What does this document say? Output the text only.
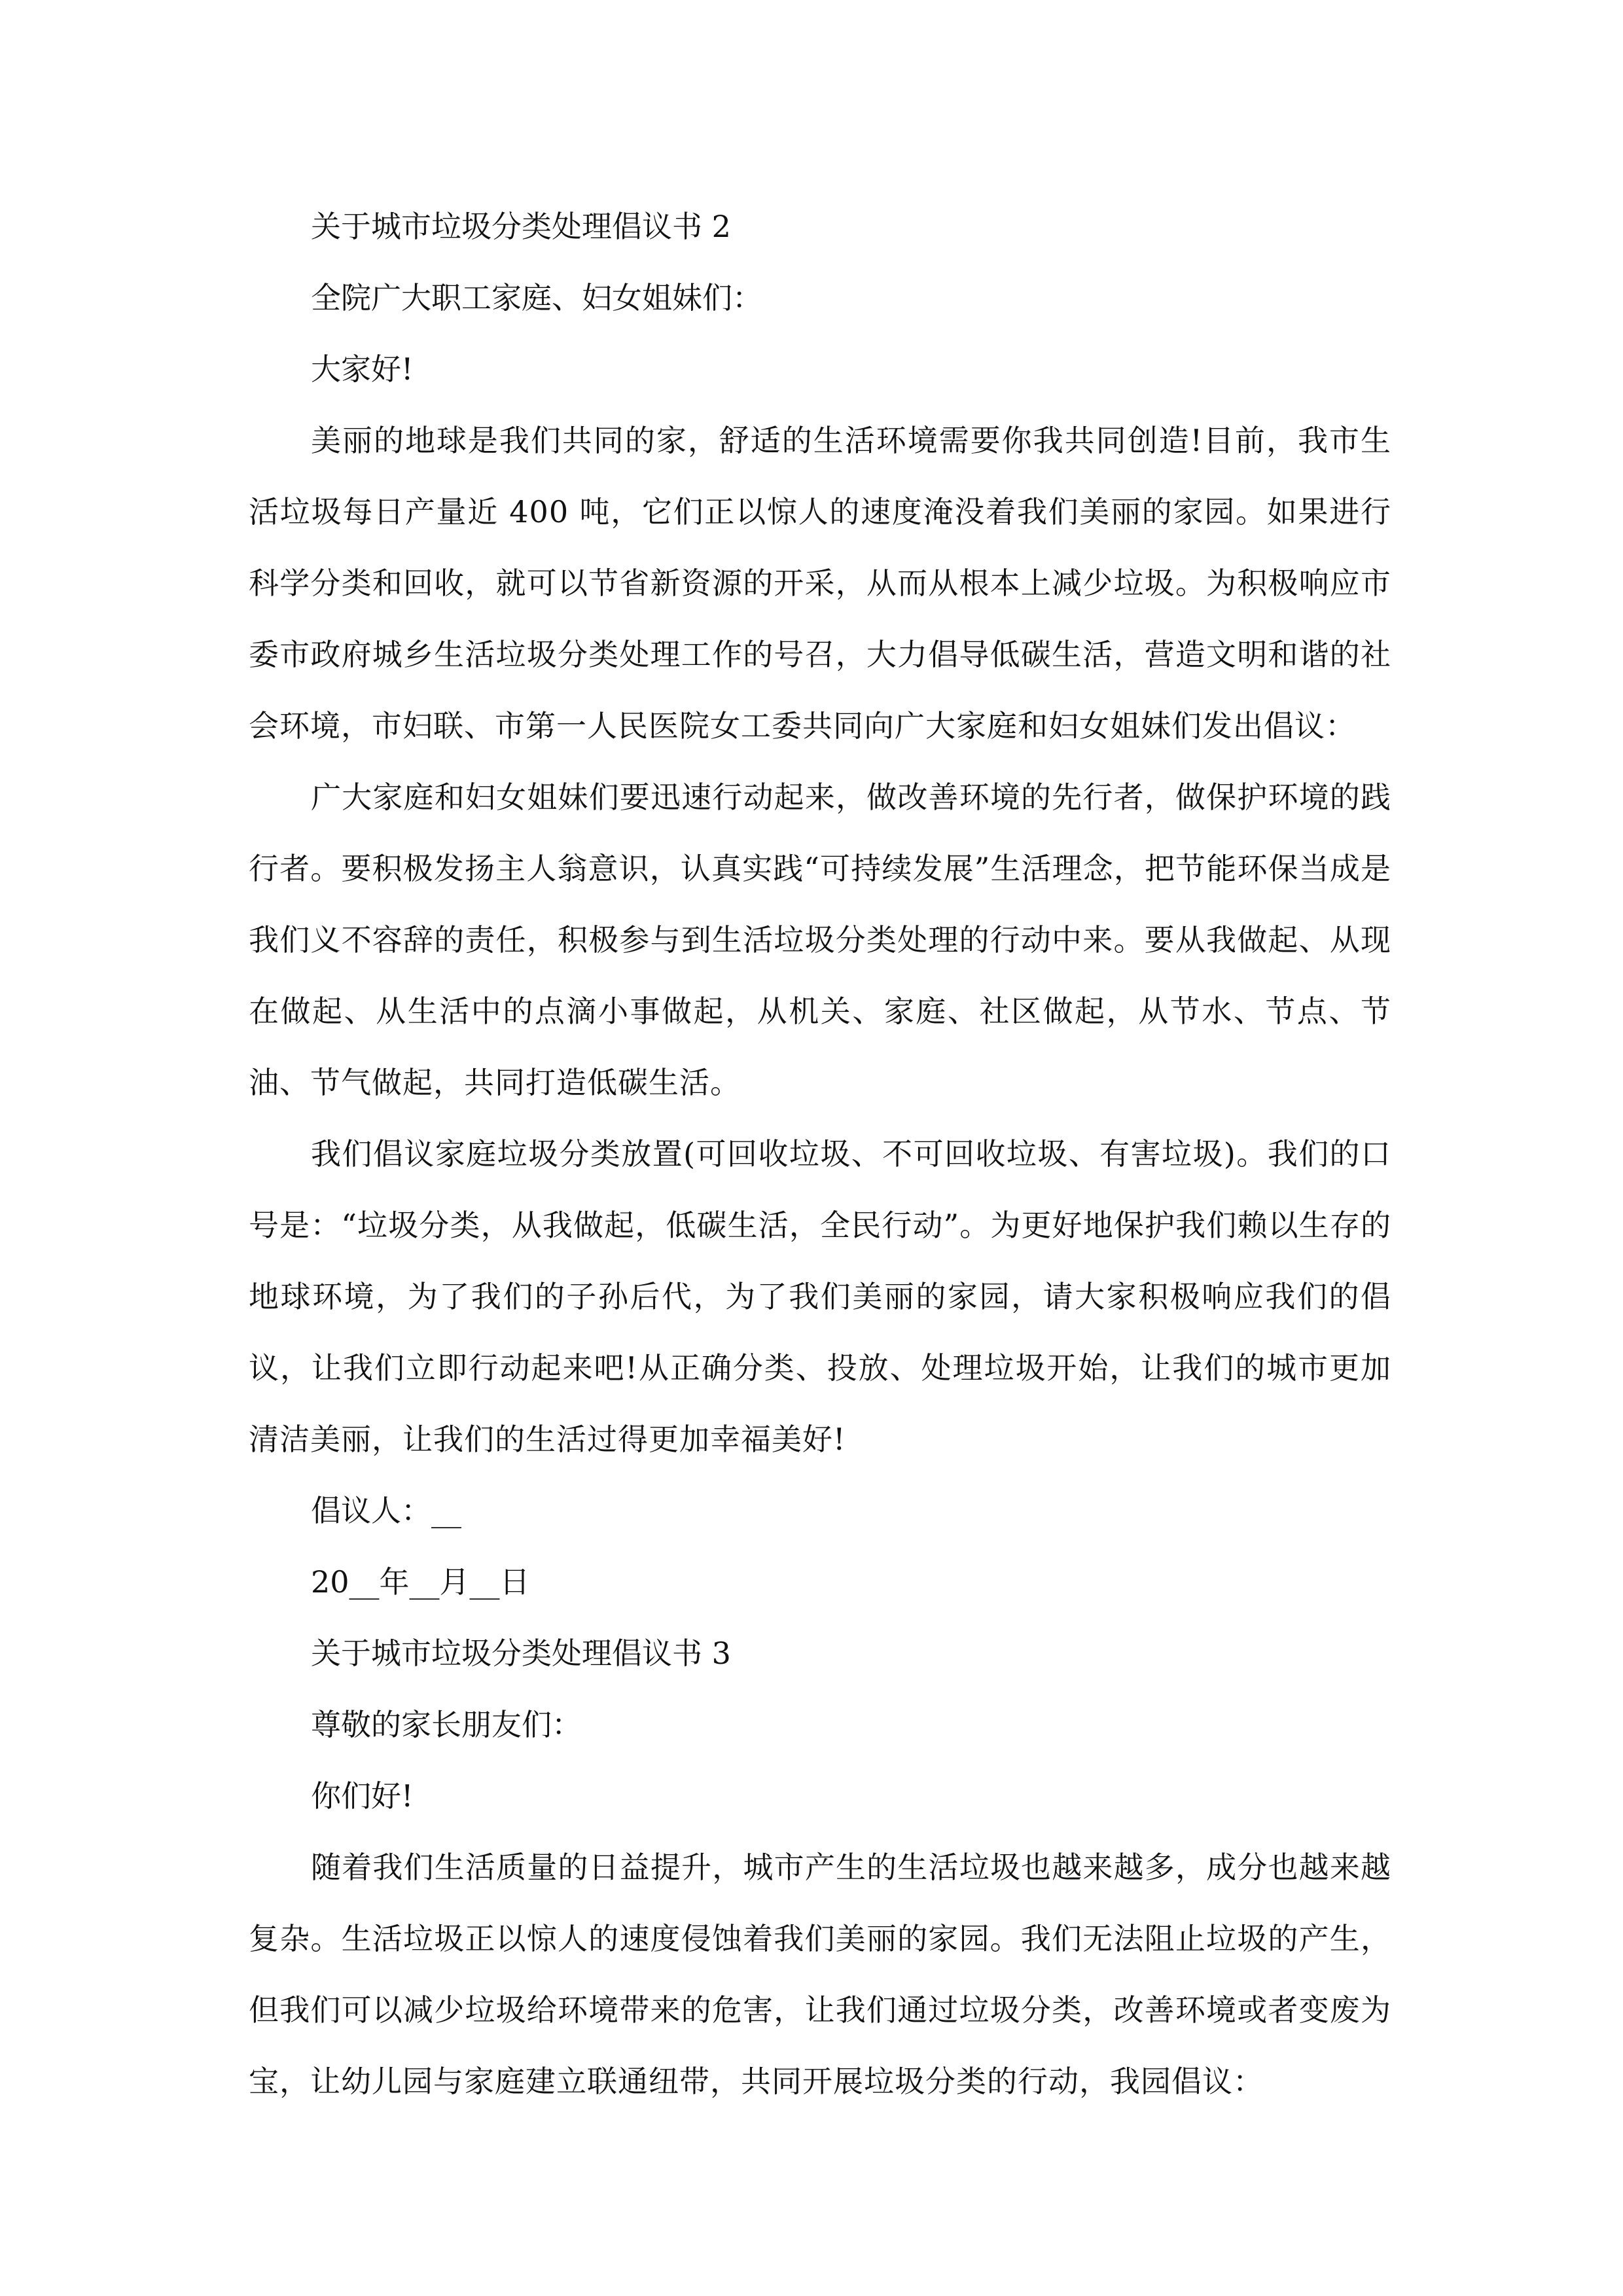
关于城市垃圾分类处理倡议书 2

全院广大职工家庭、妇女姐妹们：

大家好!

美丽的地球是我们共同的家，舒适的生活环境需要你我共同创造!目前，我市生活垃圾每日产量近 400 吨，它们正以惊人的速度淹没着我们美丽的家园。如果进行科学分类和回收，就可以节省新资源的开采，从而从根本上减少垃圾。为积极响应市委市政府城乡生活垃圾分类处理工作的号召，大力倡导低碳生活，营造文明和谐的社会环境，市妇联、市第一人民医院女工委共同向广大家庭和妇女姐妹们发出倡议：

广大家庭和妇女姐妹们要迅速行动起来，做改善环境的先行者，做保护环境的践行者。要积极发扬主人翁意识，认真实践“可持续发展”生活理念，把节能环保当成是我们义不容辞的责任，积极参与到生活垃圾分类处理的行动中来。要从我做起、从现在做起、从生活中的点滴小事做起，从机关、家庭、社区做起，从节水、节点、节油、节气做起，共同打造低碳生活。

我们倡议家庭垃圾分类放置(可回收垃圾、不可回收垃圾、有害垃圾)。我们的口号是：“垃圾分类，从我做起，低碳生活，全民行动”。为更好地保护我们赖以生存的地球环境，为了我们的子孙后代，为了我们美丽的家园，请大家积极响应我们的倡议，让我们立即行动起来吧!从正确分类、投放、处理垃圾开始，让我们的城市更加清洁美丽，让我们的生活过得更加幸福美好!

倡议人：__

20__年__月__日

关于城市垃圾分类处理倡议书 3

尊敬的家长朋友们：

你们好!

随着我们生活质量的日益提升，城市产生的生活垃圾也越来越多，成分也越来越复杂。生活垃圾正以惊人的速度侵蚀着我们美丽的家园。我们无法阻止垃圾的产生，但我们可以减少垃圾给环境带来的危害，让我们通过垃圾分类，改善环境或者变废为宝，让幼儿园与家庭建立联通纽带，共同开展垃圾分类的行动，我园倡议：
